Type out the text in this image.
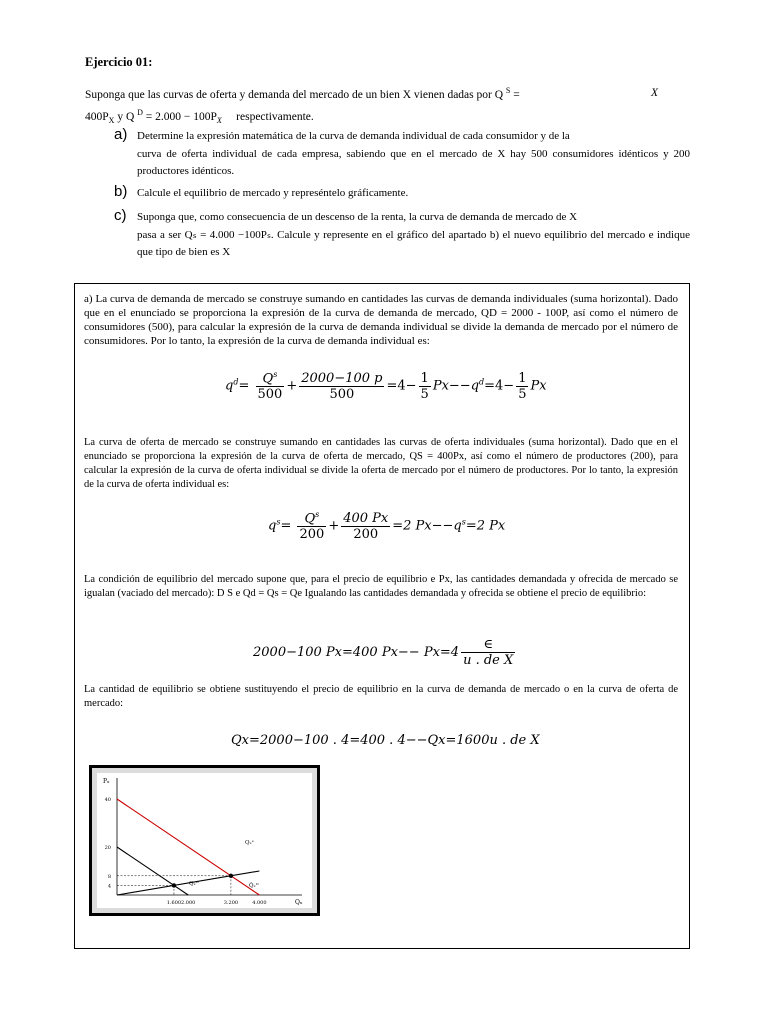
Ejercicio 01:
Suponga que las curvas de oferta y demanda del mercado de un bien X vienen dadas por Q $^S$ =
$400P_X$ y Q $^D = 2.000 - 100P_X$ respectivamente.
X
a) Determine la expresión matemática de la curva de demanda individual de cada consumidor y de la
curva de oferta individual de cada empresa, sabiendo que en el mercado de X hay 500 consumidores idénticos y 200 productores idénticos.
b) Calcule el equilibrio de mercado y represéntelo gráficamente.
c) Suponga que, como consecuencia de un descenso de la renta, la curva de demanda de mercado de X
pasa a ser Qₛ = 4.000 −100Pₛ. Calcule y represente en el gráfico del apartado b) el nuevo equilibrio del mercado e indique que tipo de bien es X
a) La curva de demanda de mercado se construye sumando en cantidades las curvas de demanda individuales (suma horizontal). Dado que en el enunciado se proporciona la expresión de la curva de demanda de mercado, QD = 2000 - 100P, así como el número de consumidores (500), para calcular la expresión de la curva de demanda individual se divide la demanda de mercado por el número de consumidores. Por lo tanto, la expresión de la curva de demanda individual es:
$q^d= \frac{Q^s}{500} + \frac{2000-100 p}{500} =4- \frac{1}{5} Px--q^d=4- \frac{1}{5}$ Px
La curva de oferta de mercado se construye sumando en cantidades las curvas de oferta individuales (suma horizontal). Dado que en el enunciado se proporciona la expresión de la curva de oferta de mercado, QS = 400Px, así como el número de productores (200), para calcular la expresión de la curva de oferta individual se divide la oferta de mercado por el número de productores. Por lo tanto, la expresión de la curva de oferta individual es:
$q^s= \frac{Q^s}{200} + \frac{400 Px}{200} =2$ $Px--q^s=2$ Px
La condición de equilibrio del mercado supone que, para el precio de equilibrio e Px, las cantidades demandada y ofrecida de mercado se igualan (vaciado del mercado): D S e Qd = Qs = Qe Igualando las cantidades demandada y ofrecida se obtiene el precio de equilibrio:
2000−100 Px=400 $Px-- Px=4 \frac{\in}{\text{u . de X}}$
La cantidad de equilibrio se obtiene sustituyendo el precio de equilibrio en la curva de demanda de mercado o en la curva de oferta de mercado:
Qx=2000−100 . 4=400 . 4−−Qx=1600u . de X
Pₓ
Qₓ
40
20
8
4
1.600 2.000	3.200	4.000
Qₓˢ
Qₓᴰ	Q̂ₓᴰ
